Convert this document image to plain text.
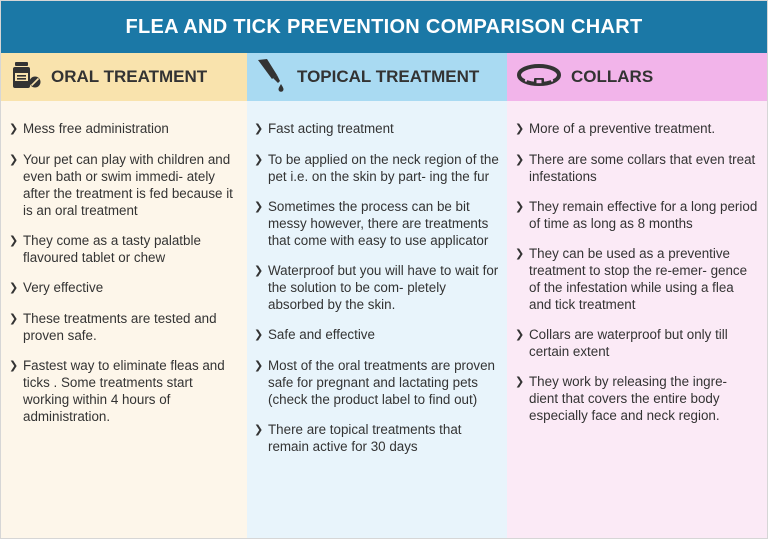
FLEA AND TICK PREVENTION COMPARISON CHART
ORAL TREATMENT
❯ Mess free administration
❯ Your pet can play with children and even bath or swim immedi- ately after the treatment is fed because it is an oral treatment
❯ They come as a tasty palatble flavoured tablet or chew
❯ Very effective
❯ These treatments are tested and proven safe.
❯ Fastest way to eliminate fleas and ticks . Some treatments start working within 4 hours of administration.
TOPICAL TREATMENT
❯ Fast acting treatment
❯ To be applied on the neck region of the pet i.e. on the skin by part- ing the fur
❯ Sometimes the process can be bit messy however, there are treatments that come with easy to use applicator
❯ Waterproof but you will have to wait for the solution to be com- pletely absorbed by the skin.
❯ Safe and effective
❯ Most of the oral treatments are proven safe for pregnant and lactating pets (check the product label to find out)
❯ There are topical treatments that remain active for 30 days
COLLARS
❯ More of a preventive treatment.
❯ There are some collars that even treat infestations
❯ They remain effective for a long period of time as long as 8 months
❯ They can be used as a preventive treatment to stop the re-emer- gence of the infestation while using a flea and tick treatment
❯ Collars are waterproof but only till certain extent
❯ They work by releasing the ingre- dient that covers the entire body especially face and neck region.
